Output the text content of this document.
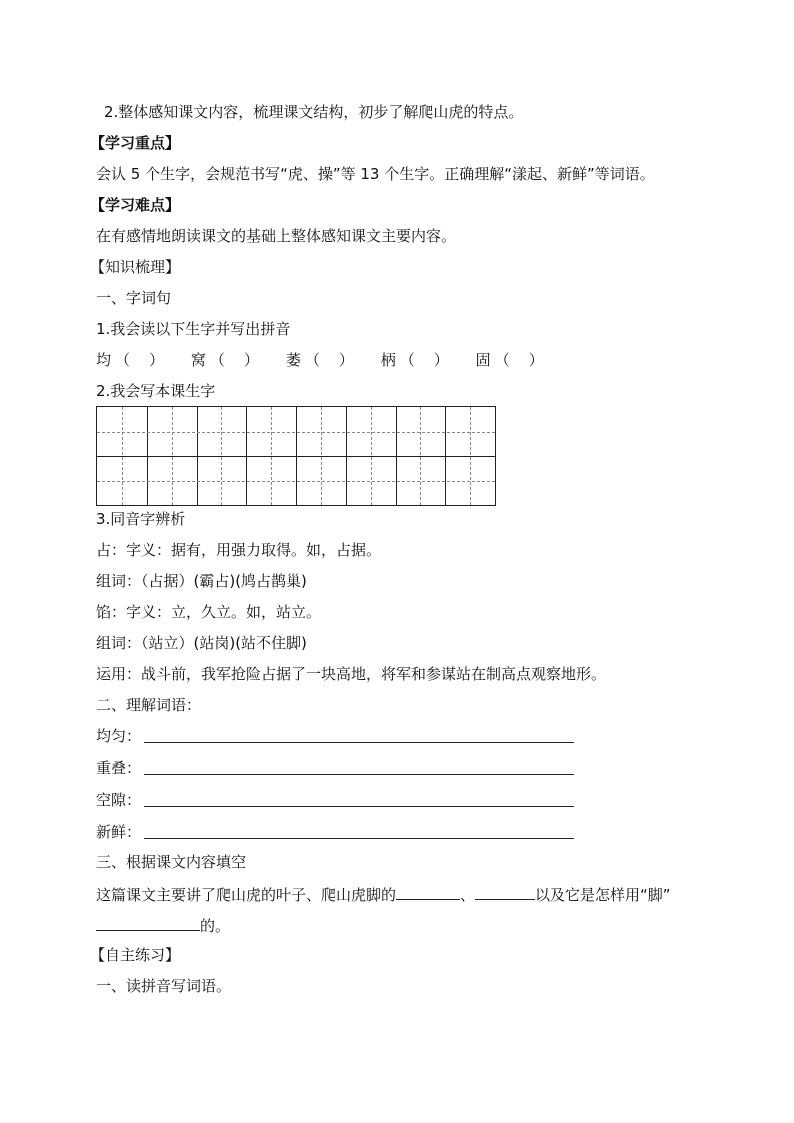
2.整体感知课文内容，梳理课文结构，初步了解爬山虎的特点。
【学习重点】
会认 5 个生字，会规范书写“虎、操”等 13 个生字。正确理解“漾起、新鲜”等词语。
【学习难点】
在有感情地朗读课文的基础上整体感知课文主要内容。
【知识梳理】
一、字词句
1.我会读以下生字并写出拼音
均 （ ） 窝 （ ） 萎 （ ） 柄 （ ） 固 （ ）
2.我会写本课生字
3.同音字辨析
占：字义：据有，用强力取得。如，占据。
组词：（占据）(霸占)(鸠占鹊巢)
馅：字义：立，久立。如，站立。
组词：（站立）(站岗)(站不住脚)
运用：战斗前，我军抢险占据了一块高地，将军和参谋站在制高点观察地形。
二、理解词语：
均匀：
重叠：
空隙：
新鲜：
三、根据课文内容填空
这篇课文主要讲了爬山虎的叶子、爬山虎脚的	、	以及它是怎样用“脚”
的。
【自主练习】
一、读拼音写词语。
